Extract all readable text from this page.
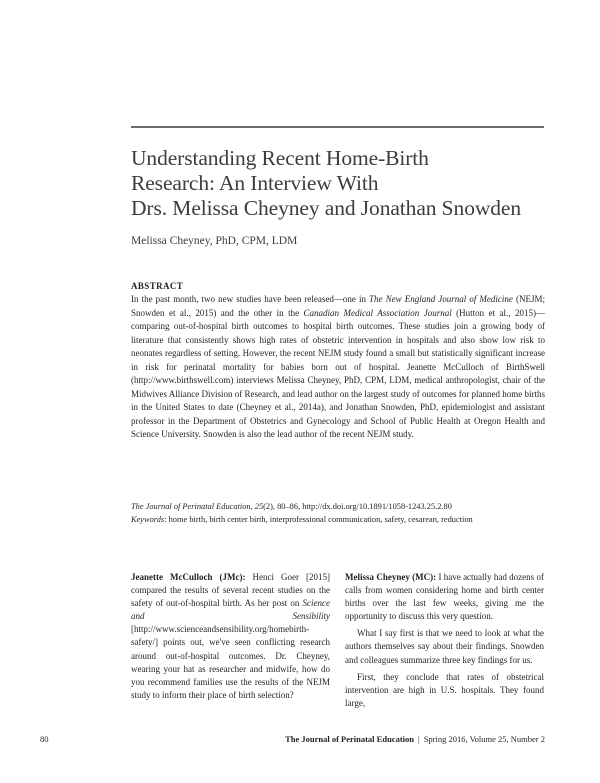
Understanding Recent Home-Birth
Research: An Interview With
Drs. Melissa Cheyney and Jonathan Snowden
Melissa Cheyney, PhD, CPM, LDM
ABSTRACT
In the past month, two new studies have been released—one in The New England Journal of Medicine (NEJM; Snowden et al., 2015) and the other in the Canadian Medical Association Journal (Hutton et al., 2015)—comparing out-of-hospital birth outcomes to hospital birth outcomes. These studies join a growing body of literature that consistently shows high rates of obstetric intervention in hospitals and also show low risk to neonates regardless of setting. However, the recent NEJM study found a small but statistically significant increase in risk for perinatal mortality for babies born out of hospital. Jeanette McCulloch of BirthSwell (http://www.birthswell.com) interviews Melissa Cheyney, PhD, CPM, LDM, medical anthropologist, chair of the Midwives Alliance Division of Research, and lead author on the largest study of outcomes for planned home births in the United States to date (Cheyney et al., 2014a), and Jonathan Snowden, PhD, epidemiologist and assistant professor in the Department of Obstetrics and Gynecology and School of Public Health at Oregon Health and Science University. Snowden is also the lead author of the recent NEJM study.
The Journal of Perinatal Education, 25(2), 80–86, http://dx.doi.org/10.1891/1058-1243.25.2.80
Keywords: home birth, birth center birth, interprofessional communication, safety, cesarean, reduction

Jeanette McCulloch (JMc): Henci Goer [2015] compared the results of several recent studies on the safety of out-of-hospital birth. As her post on Science and Sensibility [http://www.scienceandsensibility.org/homebirth-safety/] points out, we've seen conflicting research around out-of-hospital outcomes. Dr. Cheyney, wearing your hat as researcher and midwife, how do you recommend families use the results of the NEJM study to inform their place of birth selection?

Melissa Cheyney (MC): I have actually had dozens of calls from women considering home and birth center births over the last few weeks, giving me the opportunity to discuss this very question.

What I say first is that we need to look at what the authors themselves say about their findings. Snowden and colleagues summarize three key findings for us.

First, they conclude that rates of obstetrical intervention are high in U.S. hospitals. They found large,

80	The Journal of Perinatal Education | Spring 2016, Volume 25, Number 2
